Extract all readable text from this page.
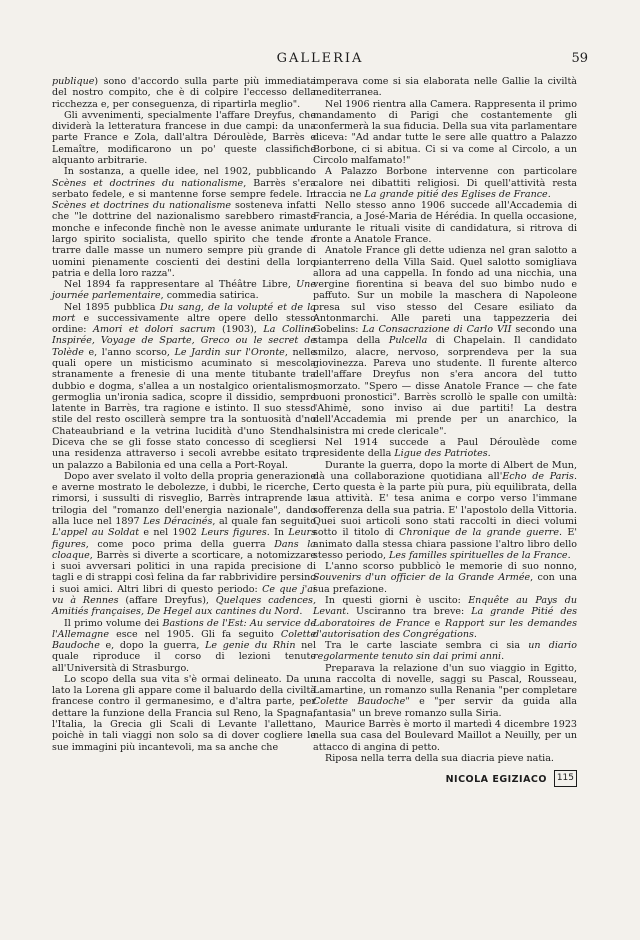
GALLERIA	59

publique) sono d'accordo sulla parte più immediata del nostro compito, che è di colpire l'eccesso della ricchezza e, per conseguenza, di ripartirla meglio".

Gli avvenimenti, specialmente l'affare Dreyfus, che dividerà la letteratura francese in due campi: da una parte France e Zola, dall'altra Déroulède, Barrès e Lemaître, modificarono un po' queste classifiche alquanto arbitrarie.

In sostanza, a quelle idee, nel 1902, pubblicando Scènes et doctrines du nationalisme, Barrès s'era serbato fedele, e si mantenne forse sempre fedele. In Scènes et doctrines du nationalisme sosteneva infatti che "le dottrine del nazionalismo sarebbero rimaste monche e infeconde finchè non le avesse animate un largo spirito socialista, quello spirito che tende a trarre dalle masse un numero sempre più grande di uomini pienamente coscienti dei destini della loro patria e della loro razza".

Nel 1894 fa rappresentare al Théâtre Libre, Une journée parlementaire, commedia satirica.

Nel 1895 pubblica Du sang, de la volupté et de la mort e successivamente altre opere dello stesso ordine: Amori et dolori sacrum (1903), La Colline Inspirée, Voyage de Sparte, Greco ou le secret de Tolède e, l'anno scorso, Le Jardin sur l'Oronte, nelle quali opere un misticismo acuminato si mescola stranamente a frenesie di una mente titubante tra dubbio e dogma, s'allea a un nostalgico orientalismo, germoglia un'ironia sadica, scopre il dissidio, sempre latente in Barrès, tra ragione e istinto. Il suo stesso stile del resto oscillerà sempre tra la sontuosità d'no Chateaubriand e la vetrina lucidità d'uno Stendhal. Diceva che se gli fosse stato concesso di scegliersi una residenza attraverso i secoli avrebbe esitato tra un palazzo a Babilonia ed una cella a Port-Royal.

Dopo aver svelato il volto della propria generazione e averne mostrato le debolezze, i dubbi, le ricerche, i rimorsi, i sussulti di risveglio, Barrès intraprende la trilogia del "romanzo dell'energia nazionale", dando alla luce nel 1897 Les Déracinés, al quale fan seguito L'appel au Soldat e nel 1902 Leurs figures. In Leurs figures, come poco prima della guerra Dans la cloaque, Barrès si diverte a scorticare, a notomizzare i suoi avversari politici in una rapida precisione di tagli e di strappi così felina da far rabbrividire persino i suoi amici. Altri libri di questo periodo: Ce que j'ai vu à Rennes (affare Dreyfus), Quelques cadences, Amitiés françaises, De Hegel aux cantines du Nord.

Il primo volume dei Bastions de l'Est: Au service de l'Allemagne esce nel 1905. Gli fa seguito Colette Baudoche e, dopo la guerra, Le genie du Rhin nel quale riproduce il corso di lezioni tenute all'Università di Strasburgo.

Lo scopo della sua vita s'è ormai delineato. Da un lato la Lorena gli appare come il baluardo della civiltà francese contro il germanesimo, e d'altra parte, per dettare la funzione della Francia sul Reno, la Spagna, l'Italia, la Grecia gli Scali di Levante l'allettano, poichè in tali viaggi non solo sa di dover cogliere le sue immagini più incantevoli, ma sa anche che

imperava come si sia elaborata nelle Gallie la civiltà mediterranea.

Nel 1906 rientra alla Camera. Rappresenta il primo mandamento di Parigi che costantemente gli confermerà la sua fiducia. Della sua vita parlamentare diceva: "Ad andar tutte le sere alle quattro a Palazzo Borbone, ci si abitua. Ci si va come al Circolo, a un Circolo malfamato!"

A Palazzo Borbone intervenne con particolare calore nei dibattiti religiosi. Di quell'attività resta traccia ne La grande pitié des Eglises de France.

Nello stesso anno 1906 succede all'Accademia di Francia, a José-Maria de Hérédia. In quella occasione, durante le rituali visite di candidatura, si ritrova di fronte a Anatole France.

Anatole France gli dette udienza nel gran salotto a pianterreno della Villa Said. Quel salotto somigliava allora ad una cappella. In fondo ad una nicchia, una vergine fiorentina si beava del suo bimbo nudo e paffuto. Sur un mobile la maschera di Napoleone presa sul viso stesso del Cesare esiliato da Antonmarchi. Alle pareti una tappezzeria dei Gobelins: La Consacrazione di Carlo VII secondo una stampa della Pulcella di Chapelain. Il candidato smilzo, alacre, nervoso, sorprendeva per la sua giovinezza. Pareva uno studente. Il furente alterco dell'affare Dreyfus non s'era ancora del tutto smorzato. "Spero — disse Anatole France — che fate buoni pronostici". Barrès scrollò le spalle con umiltà: "Ahimè, sono inviso ai due partiti! La destra dell'Accademia mi prende per un anarchico, la sinistra mi crede clericale".

Nel 1914 succede a Paul Déroulède come presidente della Ligue des Patriotes.

Durante la guerra, dopo la morte di Albert de Mun, dà una collaborazione quotidiana all'Echo de Paris. Certo questa è la parte più pura, più equilibrata, della sua attività. E' tesa anima e corpo verso l'immane sofferenza della sua patria. E' l'apostolo della Vittoria. Quei suoi articoli sono stati raccolti in dieci volumi sotto il titolo di Chronique de la grande guerre. E' animato dalla stessa chiara passione l'altro libro dello stesso periodo, Les familles spirituelles de la France.

L'anno scorso pubblicò le memorie di suo nonno, Souvenirs d'un officier de la Grande Armée, con una sua prefazione.

In questi giorni è uscito: Enquête au Pays du Levant. Usciranno tra breve: La grande Pitié des Laboratoires de France e Rapport sur les demandes d'autorisation des Congrégations.

Tra le carte lasciate sembra ci sia un diario regolarmente tenuto sin dai primi anni.

Preparava la relazione d'un suo viaggio in Egitto, una raccolta di novelle, saggi su Pascal, Rousseau, Lamartine, un romanzo sulla Renania "per completare Colette Baudoche" e "per servir da guida alla fantasia" un breve romanzo sulla Siria.

Maurice Barrès è morto il martedì 4 dicembre 1923 nella sua casa del Boulevard Maillot a Neuilly, per un attacco di angina di petto.

Riposa nella terra della sua diacria pieve natia.

NICOLA EGIZIACO	115
